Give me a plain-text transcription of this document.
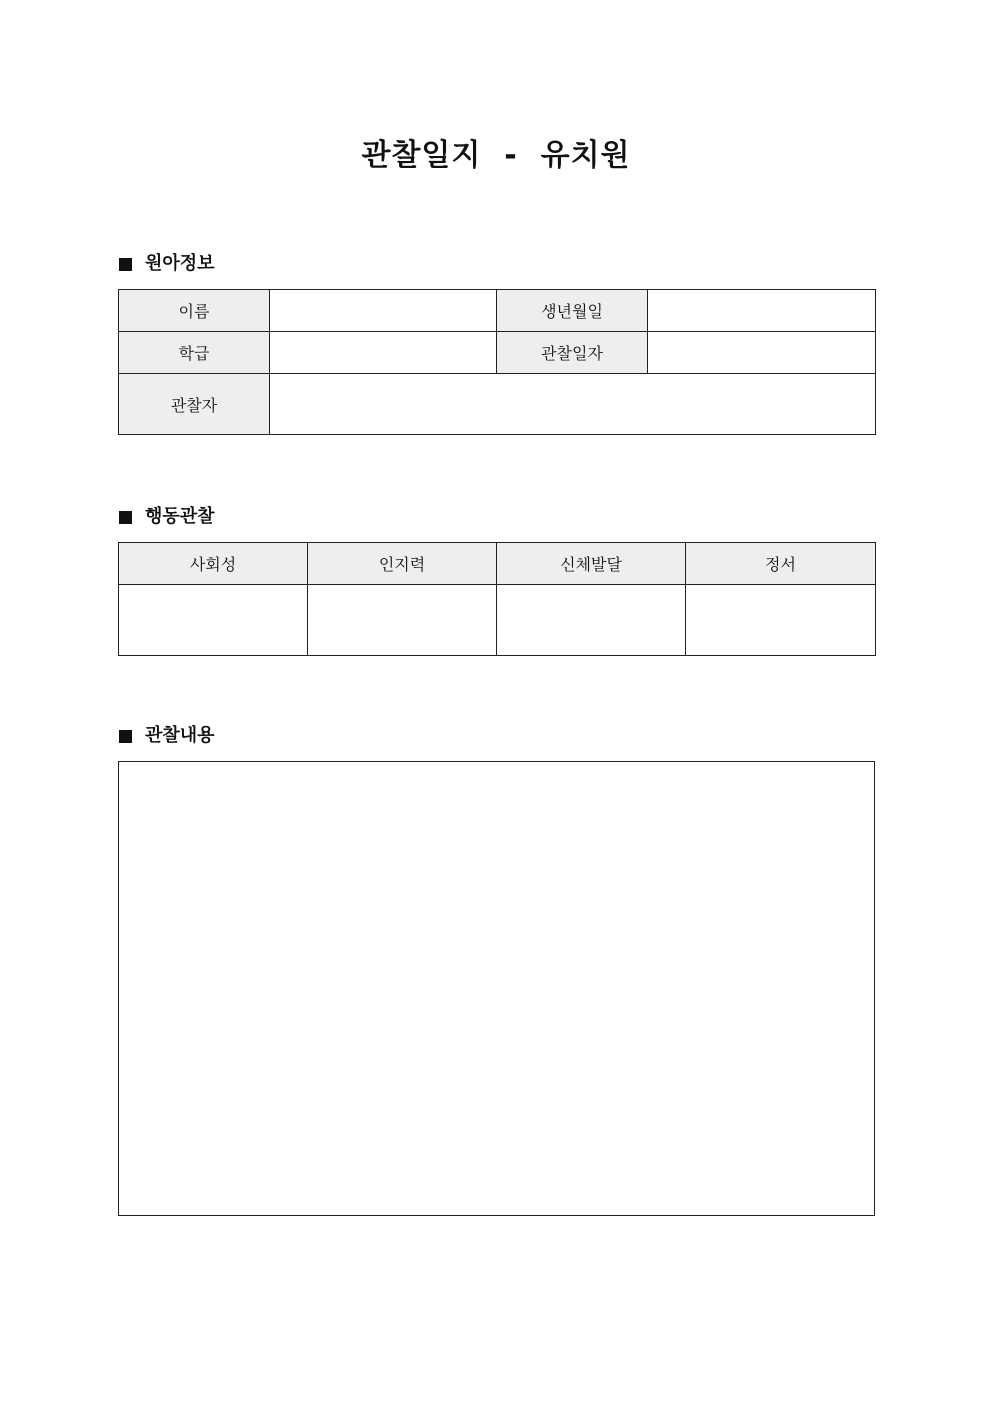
관찰일지  -  유치원
원아정보
이름		생년월일	
학급		관찰일자	
관찰자			
행동관찰
사회성	인지력	신체발달	정서

관찰내용
